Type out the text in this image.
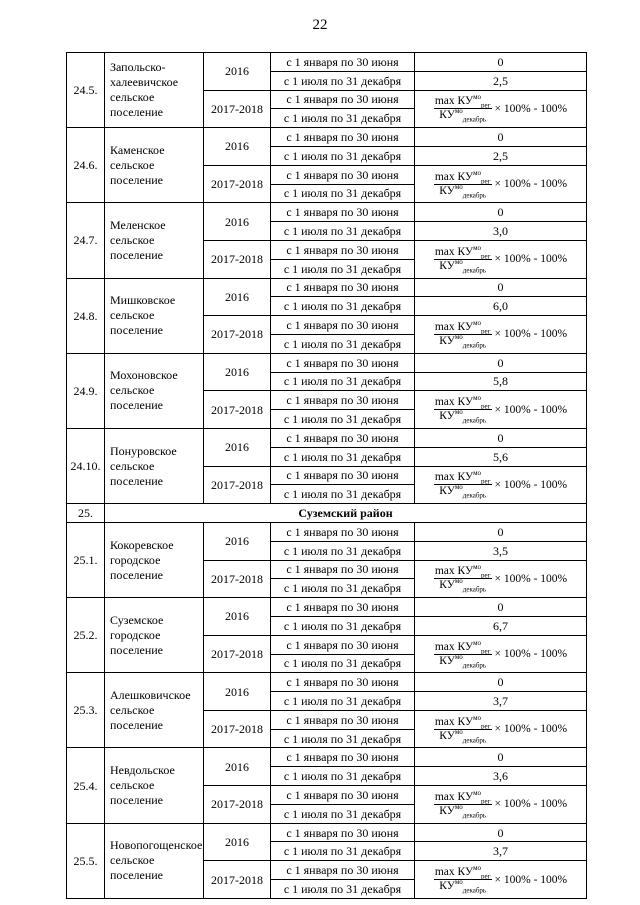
22
24.5.	Запольско-халеевичское сельское поселение	2016	с 1 января по 30 июня	0
			с 1 июля по 31 декабря	2,5
		2017-2018	с 1 января по 30 июня	$\frac{\max КУ^{мо}_{рег}}{КУ^{мо}_{декабрь}} \times 100\% - 100\%$

			с 1 июля по 31 декабря	
24.6.	Каменское сельское поселение	2016	с 1 января по 30 июня	0
			с 1 июля по 31 декабря	2,5
		2017-2018	с 1 января по 30 июня	$\frac{\max КУ^{мо}_{рег}}{КУ^{мо}_{декабрь}} \times 100\% - 100\%$

			с 1 июля по 31 декабря	
24.7.	Меленское сельское поселение	2016	с 1 января по 30 июня	0
			с 1 июля по 31 декабря	3,0
		2017-2018	с 1 января по 30 июня	$\frac{\max КУ^{мо}_{рег}}{КУ^{мо}_{декабрь}} \times 100\% - 100\%$

			с 1 июля по 31 декабря	
24.8.	Мишковское сельское поселение	2016	с 1 января по 30 июня	0
			с 1 июля по 31 декабря	6,0
		2017-2018	с 1 января по 30 июня	$\frac{\max КУ^{мо}_{рег}}{КУ^{мо}_{декабрь}} \times 100\% - 100\%$

			с 1 июля по 31 декабря	
24.9.	Мохоновское сельское поселение	2016	с 1 января по 30 июня	0
			с 1 июля по 31 декабря	5,8
		2017-2018	с 1 января по 30 июня	$\frac{\max КУ^{мо}_{рег}}{КУ^{мо}_{декабрь}} \times 100\% - 100\%$

			с 1 июля по 31 декабря	
24.10.	Понуровское сельское поселение	2016	с 1 января по 30 июня	0
			с 1 июля по 31 декабря	5,6
		2017-2018	с 1 января по 30 июня	$\frac{\max КУ^{мо}_{рег}}{КУ^{мо}_{декабрь}} \times 100\% - 100\%$

			с 1 июля по 31 декабря	
25.	Суземский район			
25.1.	Кокоревское городское поселение	2016	с 1 января по 30 июня	0
			с 1 июля по 31 декабря	3,5
		2017-2018	с 1 января по 30 июня	$\frac{\max КУ^{мо}_{рег}}{КУ^{мо}_{декабрь}} \times 100\% - 100\%$

			с 1 июля по 31 декабря	
25.2.	Суземское городское поселение	2016	с 1 января по 30 июня	0
			с 1 июля по 31 декабря	6,7
		2017-2018	с 1 января по 30 июня	$\frac{\max КУ^{мо}_{рег}}{КУ^{мо}_{декабрь}} \times 100\% - 100\%$

			с 1 июля по 31 декабря	
25.3.	Алешковичское сельское поселение	2016	с 1 января по 30 июня	0
			с 1 июля по 31 декабря	3,7
		2017-2018	с 1 января по 30 июня	$\frac{\max КУ^{мо}_{рег}}{КУ^{мо}_{декабрь}} \times 100\% - 100\%$

			с 1 июля по 31 декабря	
25.4.	Невдольское сельское поселение	2016	с 1 января по 30 июня	0
			с 1 июля по 31 декабря	3,6
		2017-2018	с 1 января по 30 июня	$\frac{\max КУ^{мо}_{рег}}{КУ^{мо}_{декабрь}} \times 100\% - 100\%$

			с 1 июля по 31 декабря	
25.5.	Новопогощенское сельское поселение	2016	с 1 января по 30 июня	0
			с 1 июля по 31 декабря	3,7
		2017-2018	с 1 января по 30 июня	$\frac{\max КУ^{мо}_{рег}}{КУ^{мо}_{декабрь}} \times 100\% - 100\%$

			с 1 июля по 31 декабря	
